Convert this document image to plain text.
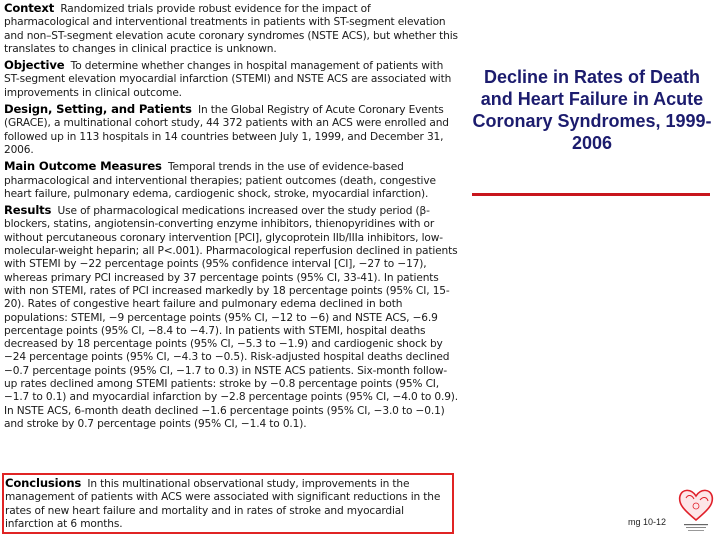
Context Randomized trials provide robust evidence for the impact of pharmacological and interventional treatments in patients with ST-segment elevation and non–ST-segment elevation acute coronary syndromes (NSTE ACS), but whether this translates to changes in clinical practice is unknown.
Objective To determine whether changes in hospital management of patients with ST-segment elevation myocardial infarction (STEMI) and NSTE ACS are associated with improvements in clinical outcome.
Design, Setting, and Patients In the Global Registry of Acute Coronary Events (GRACE), a multinational cohort study, 44 372 patients with an ACS were enrolled and followed up in 113 hospitals in 14 countries between July 1, 1999, and December 31, 2006.
Main Outcome Measures Temporal trends in the use of evidence-based pharmacological and interventional therapies; patient outcomes (death, congestive heart failure, pulmonary edema, cardiogenic shock, stroke, myocardial infarction).
Results Use of pharmacological medications increased over the study period (β-blockers, statins, angiotensin-converting enzyme inhibitors, thienopyridines with or without percutaneous coronary intervention [PCI], glycoprotein IIb/IIIa inhibitors, low-molecular-weight heparin; all P<.001). Pharmacological reperfusion declined in patients with STEMI by −22 percentage points (95% confidence interval [CI], −27 to −17), whereas primary PCI increased by 37 percentage points (95% CI, 33-41). In patients with non STEMI, rates of PCI increased markedly by 18 percentage points (95% CI, 15-20). Rates of congestive heart failure and pulmonary edema declined in both populations: STEMI, −9 percentage points (95% CI, −12 to −6) and NSTE ACS, −6.9 percentage points (95% CI, −8.4 to −4.7). In patients with STEMI, hospital deaths decreased by 18 percentage points (95% CI, −5.3 to −1.9) and cardiogenic shock by −24 percentage points (95% CI, −4.3 to −0.5). Risk-adjusted hospital deaths declined −0.7 percentage points (95% CI, −1.7 to 0.3) in NSTE ACS patients. Six-month follow-up rates declined among STEMI patients: stroke by −0.8 percentage points (95% CI, −1.7 to 0.1) and myocardial infarction by −2.8 percentage points (95% CI, −4.0 to 0.9). In NSTE ACS, 6-month death declined −1.6 percentage points (95% CI, −3.0 to −0.1) and stroke by 0.7 percentage points (95% CI, −1.4 to 0.1).
Conclusions In this multinational observational study, improvements in the management of patients with ACS were associated with significant reductions in the rates of new heart failure and mortality and in rates of stroke and myocardial infarction at 6 months.
Decline in Rates of Death and Heart Failure in Acute Coronary Syndromes, 1999-2006
mg 10-12
